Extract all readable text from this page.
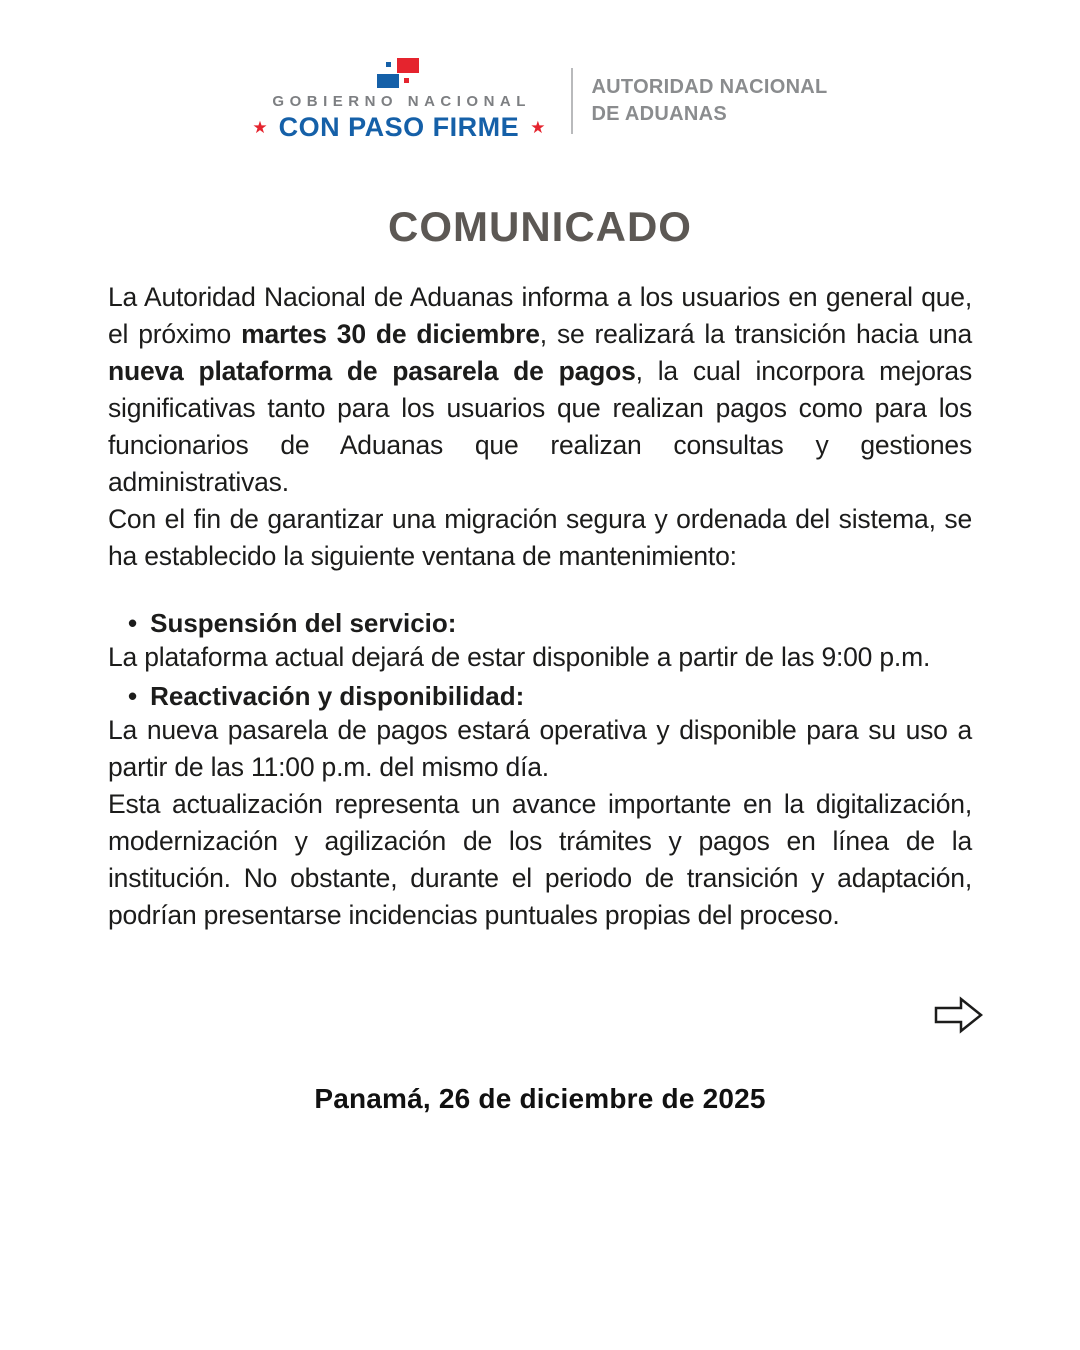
GOBIERNO NACIONAL
★ CON PASO FIRME ★
AUTORIDAD NACIONAL
DE ADUANAS
COMUNICADO

La Autoridad Nacional de Aduanas informa a los usuarios en general que, el próximo martes 30 de diciembre, se realizará la transición hacia una nueva plataforma de pasarela de pagos, la cual incorpora mejoras significativas tanto para los usuarios que realizan pagos como para los funcionarios de Aduanas que realizan consultas y gestiones administrativas.

Con el fin de garantizar una migración segura y ordenada del sistema, se ha establecido la siguiente ventana de mantenimiento:

• Suspensión del servicio:

La plataforma actual dejará de estar disponible a partir de las 9:00 p.m.

• Reactivación y disponibilidad:

La nueva pasarela de pagos estará operativa y disponible para su uso a partir de las 11:00 p.m. del mismo día.

Esta actualización representa un avance importante en la digitalización, modernización y agilización de los trámites y pagos en línea de la institución. No obstante, durante el periodo de transición y adaptación, podrían presentarse incidencias puntuales propias del proceso.

Panamá, 26 de diciembre de 2025
